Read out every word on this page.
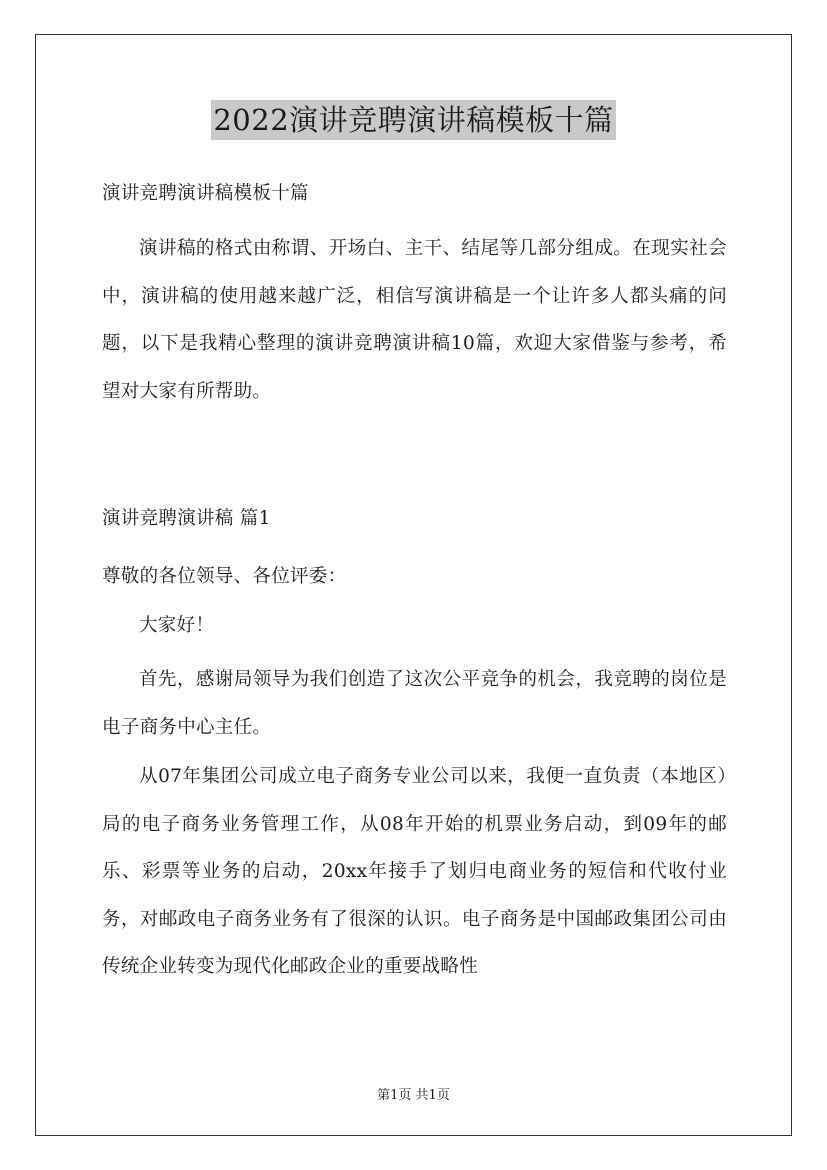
2022演讲竞聘演讲稿模板十篇

演讲竞聘演讲稿模板十篇

演讲稿的格式由称谓、开场白、主干、结尾等几部分组成。在现实社会中，演讲稿的使用越来越广泛，相信写演讲稿是一个让许多人都头痛的问题，以下是我精心整理的演讲竞聘演讲稿10篇，欢迎大家借鉴与参考，希望对大家有所帮助。

演讲竞聘演讲稿 篇1

尊敬的各位领导、各位评委：

大家好！

首先，感谢局领导为我们创造了这次公平竞争的机会，我竞聘的岗位是电子商务中心主任。

从07年集团公司成立电子商务专业公司以来，我便一直负责（本地区）局的电子商务业务管理工作，从08年开始的机票业务启动，到09年的邮乐、彩票等业务的启动，20xx年接手了划归电商业务的短信和代收付业务，对邮政电子商务业务有了很深的认识。电子商务是中国邮政集团公司由传统企业转变为现代化邮政企业的重要战略性

第1页 共1页
